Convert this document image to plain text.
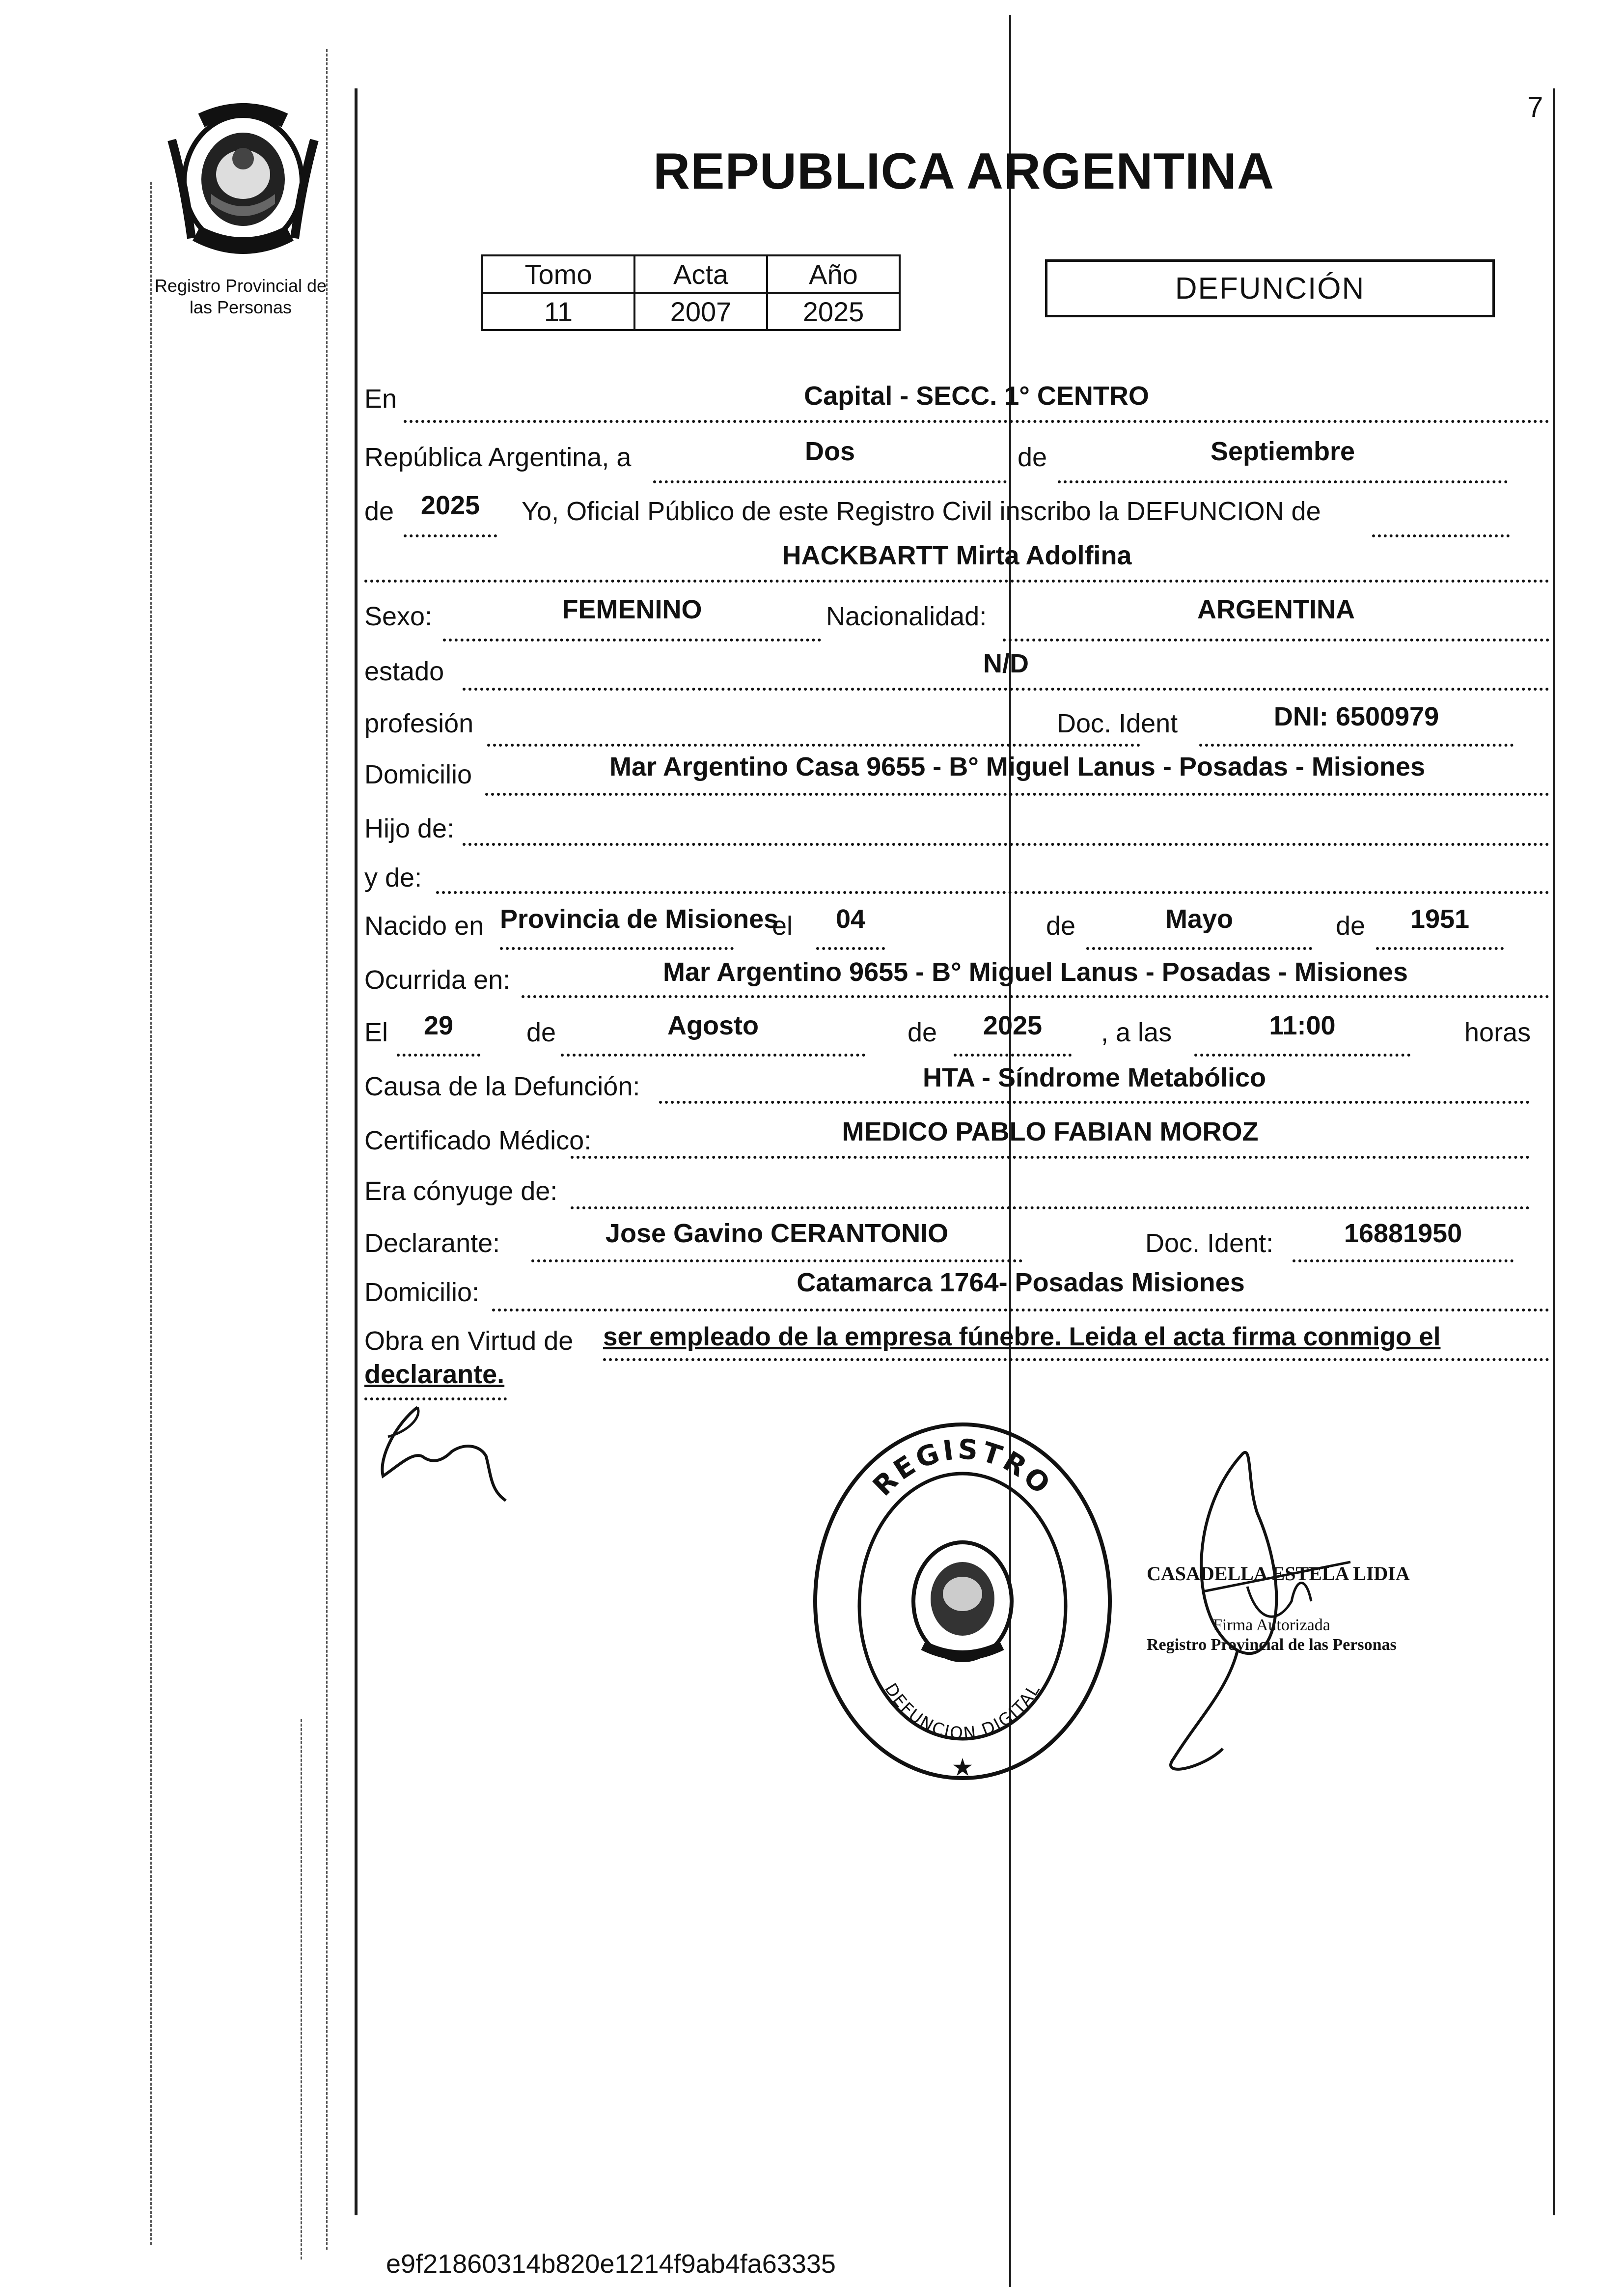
7
Registro Provincial de
las Personas
REPUBLICA ARGENTINA
Tomo	Acta	Año
11	2007	2025
DEFUNCIÓN
En	Capital - SECC. 1° CENTRO
República Argentina, a	Dos	de	Septiembre
de	2025	Yo, Oficial Público de este Registro Civil inscribo la DEFUNCION de
HACKBARTT Mirta Adolfina
Sexo:	FEMENINO	Nacionalidad:	ARGENTINA
estado	N/D
profesión	Doc. Ident	DNI: 6500979
Domicilio	Mar Argentino Casa 9655 - B° Miguel Lanus - Posadas - Misiones
Hijo de:
y de:
Nacido en Provincia de Misiones
el	04	de	Mayo	de	1951
Ocurrida en:	Mar Argentino 9655 - B° Miguel Lanus - Posadas - Misiones
El	29	de	Agosto	de	2025	, a las	11:00	horas
Causa de la Defunción:	HTA - Síndrome Metabólico
Certificado Médico:	MEDICO PABLO FABIAN MOROZ
Era cónyuge de:
Declarante:	Jose Gavino CERANTONIO	Doc. Ident:	16881950
Domicilio:	Catamarca 1764- Posadas Misiones
Obra en Virtud de ser empleado de la empresa fúnebre. Leida el acta firma conmigo el
declarante.
REGISTRO
DEFUNCION DIGITAL
★
CASADELLA ESTELA LIDIA
Firma Autorizada
Registro Provincial de las Personas
e9f21860314b820e1214f9ab4fa63335
